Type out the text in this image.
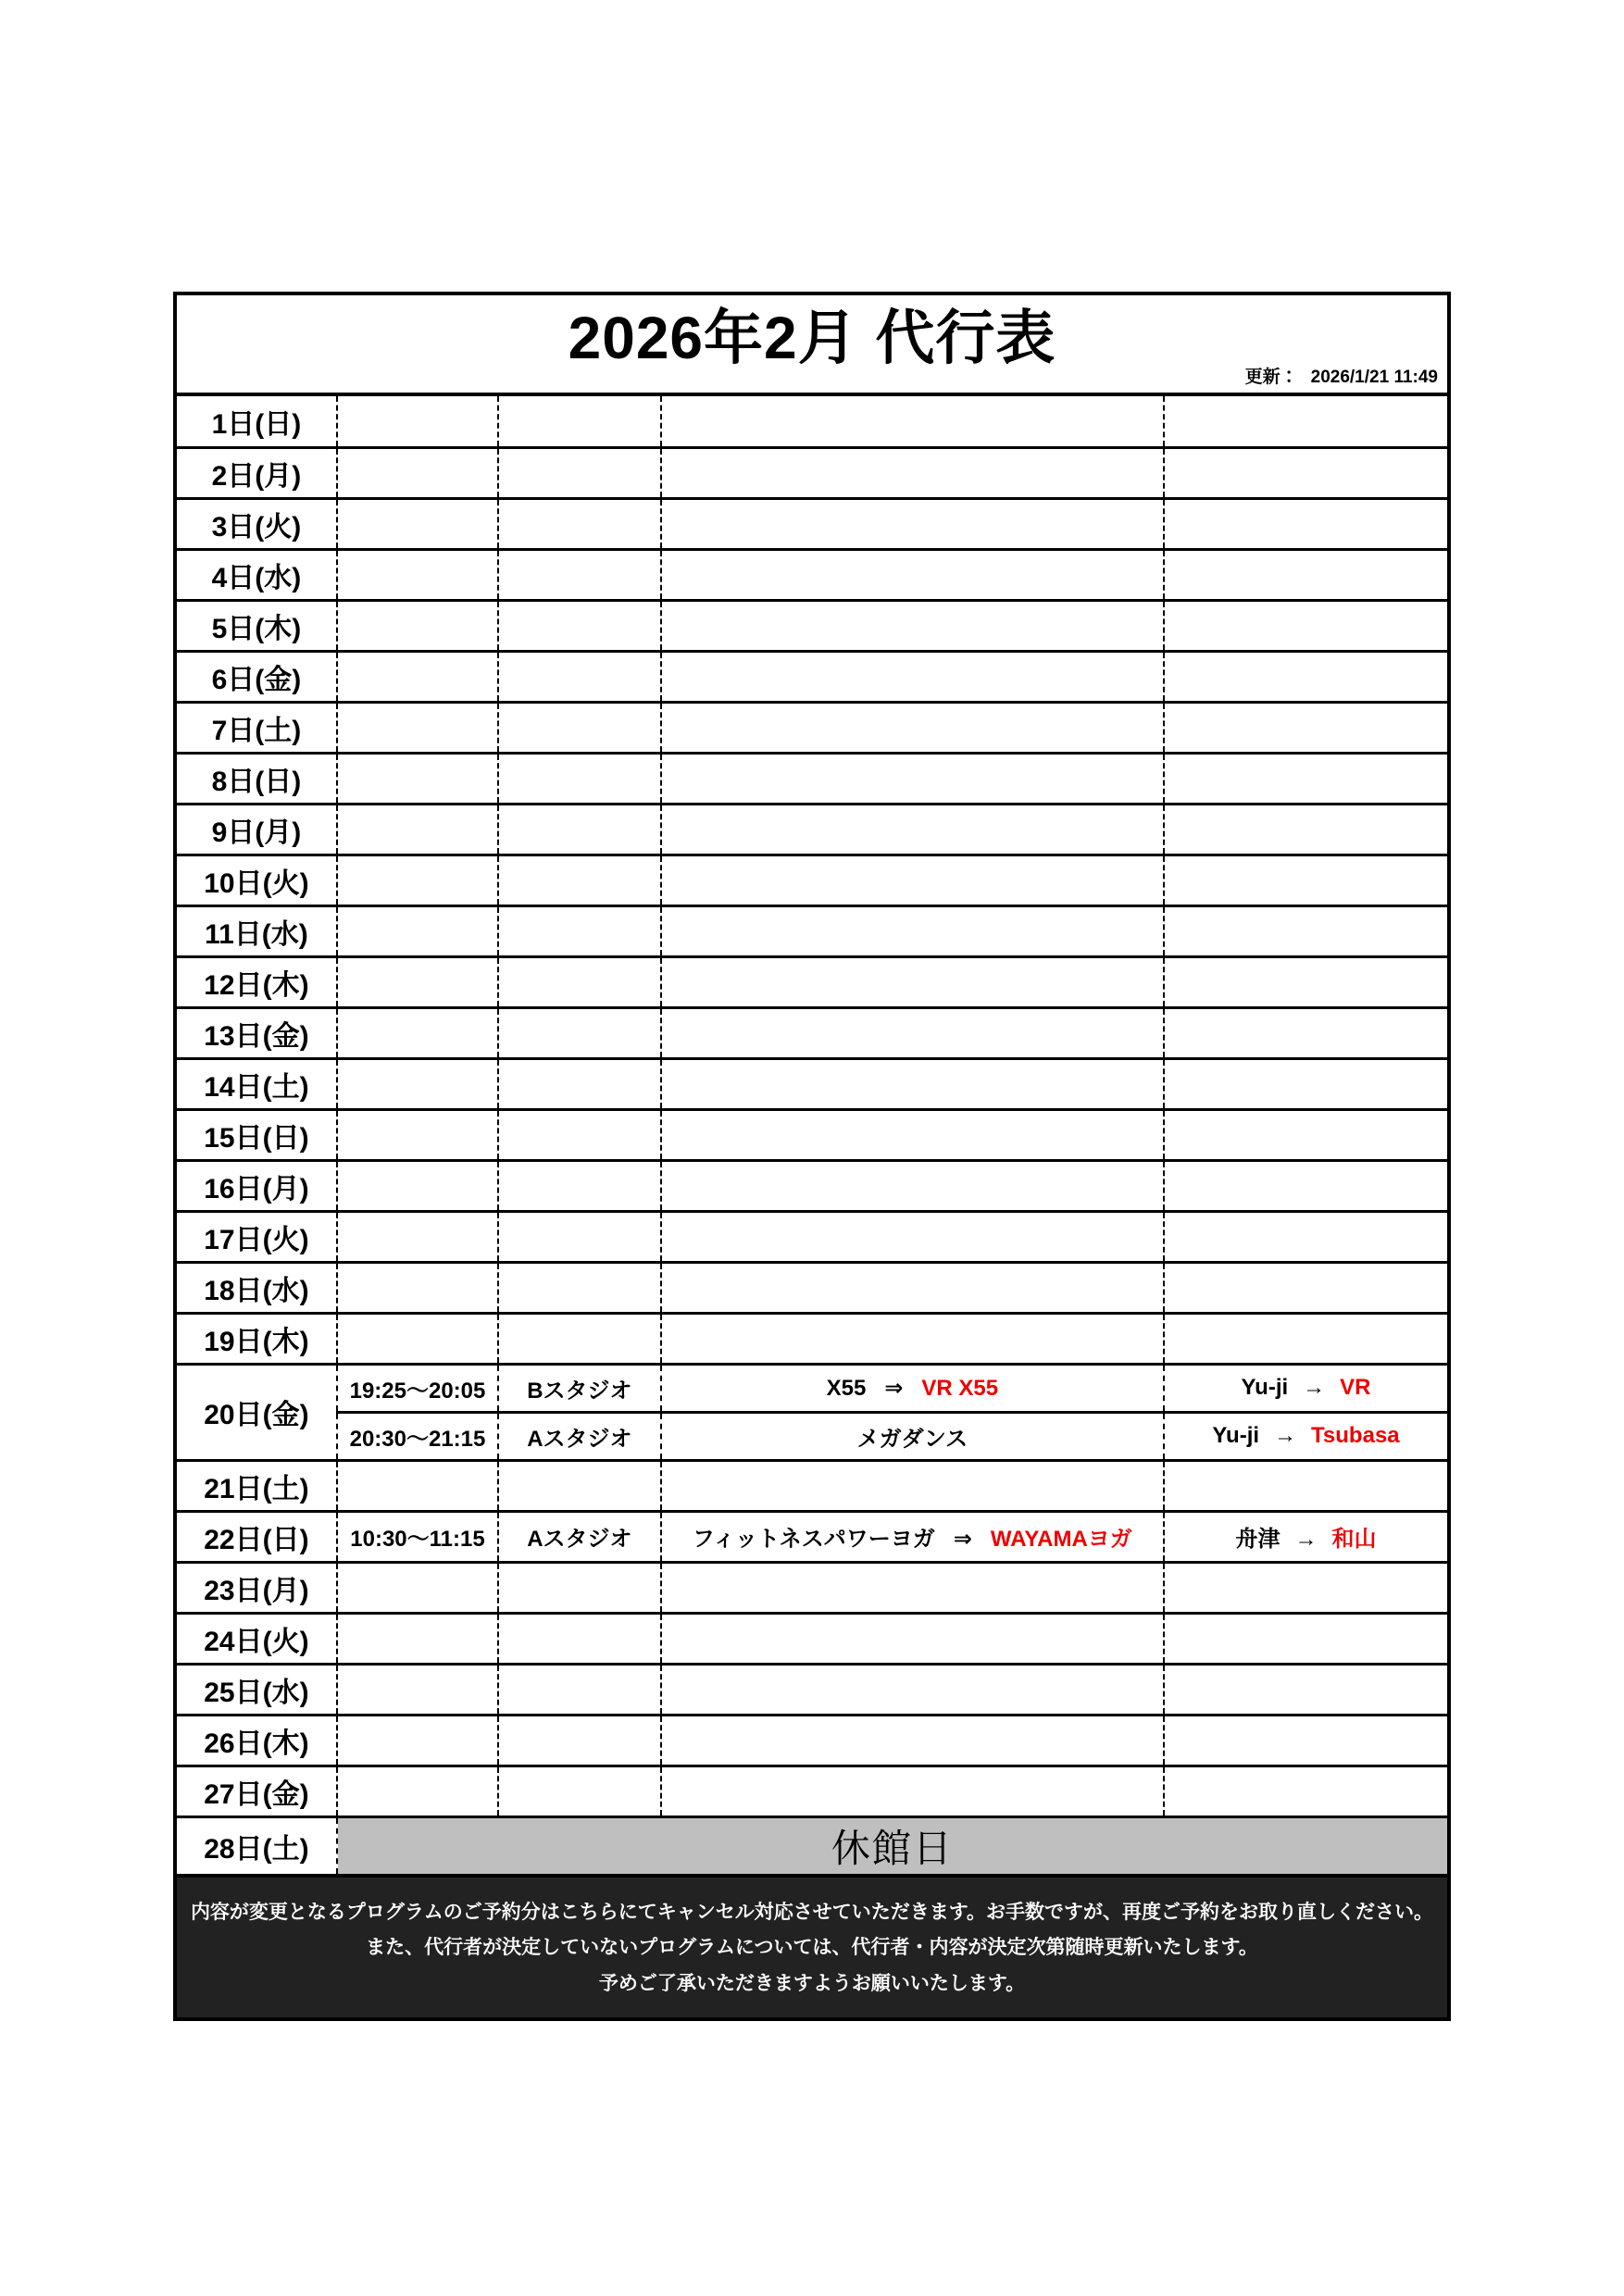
2026年2月 代行表
更新： 2026/1/21 11:49
1日(日)				
2日(月)				
3日(火)				
4日(水)				
5日(木)				
6日(金)				
7日(土)				
8日(日)				
9日(月)				
10日(火)				
11日(水)				
12日(木)				
13日(金)				
14日(土)				
15日(日)				
16日(月)				
17日(火)				
18日(水)				
19日(木)				
20日(金)	19:25～20:05	Bスタジオ	X55 ⇒ VR X55	Yu-ji → VR
	20:30～21:15	Aスタジオ	メガダンス	Yu-ji → Tsubasa
21日(土)				
22日(日)	10:30～11:15	Aスタジオ	フィットネスパワーヨガ ⇒ WAYAMAヨガ	舟津 → 和山
23日(月)				
24日(火)				
25日(水)				
26日(木)				
27日(金)				
28日(土)	休館日			

内容が変更となるプログラムのご予約分はこちらにてキャンセル対応させていただきます。お手数ですが、再度ご予約をお取り直しください。

また、代行者が決定していないプログラムについては、代行者・内容が決定次第随時更新いたします。

予めご了承いただきますようお願いいたします。
